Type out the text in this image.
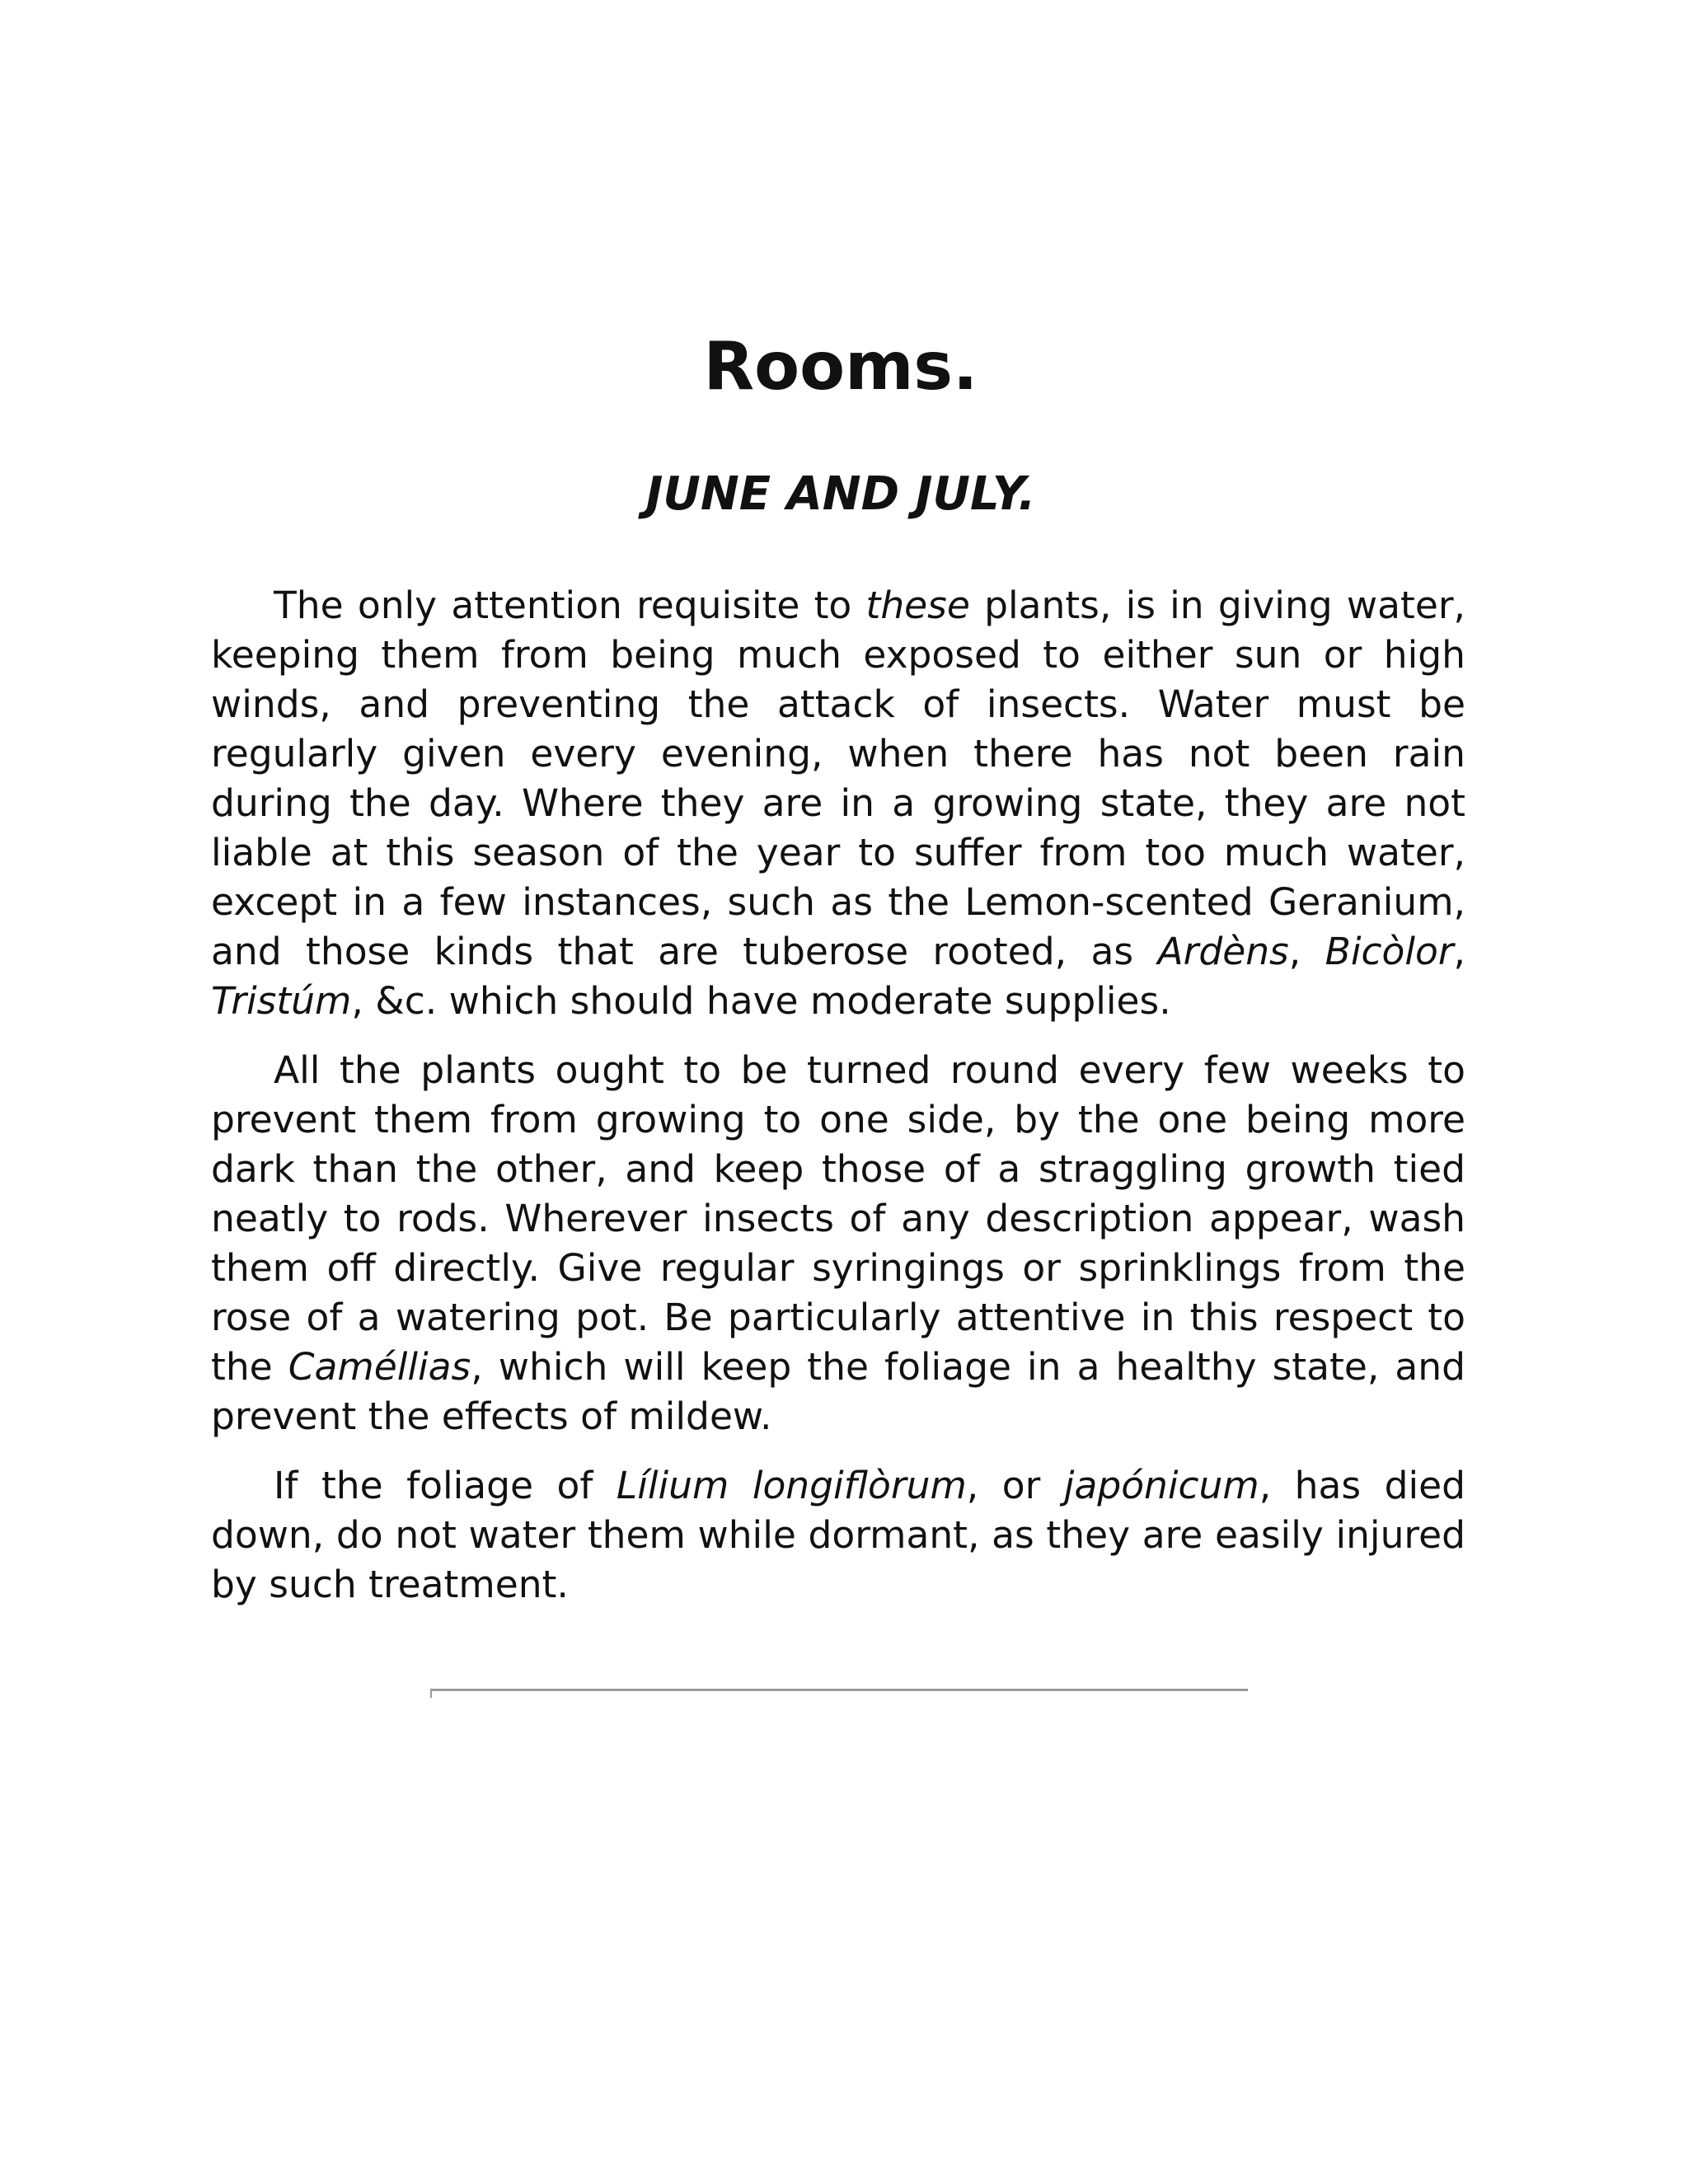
Rooms.
JUNE AND JULY.

The only attention requisite to these plants, is in giving water, keeping them from being much exposed to either sun or high winds, and preventing the attack of insects. Water must be regularly given every evening, when there has not been rain during the day. Where they are in a growing state, they are not liable at this season of the year to suffer from too much water, except in a few instances, such as the Lemon-scented Geranium, and those kinds that are tuberose rooted, as Ardèns, Bicòlor, Tristúm, &c. which should have moderate supplies.

All the plants ought to be turned round every few weeks to prevent them from growing to one side, by the one being more dark than the other, and keep those of a straggling growth tied neatly to rods. Wherever insects of any description appear, wash them off directly. Give regular syringings or sprinklings from the rose of a watering pot. Be particularly attentive in this respect to the Caméllias, which will keep the foliage in a healthy state, and prevent the effects of mildew.

If the foliage of Lílium longiflòrum, or japónicum, has died down, do not water them while dormant, as they are easily injured by such treatment.
